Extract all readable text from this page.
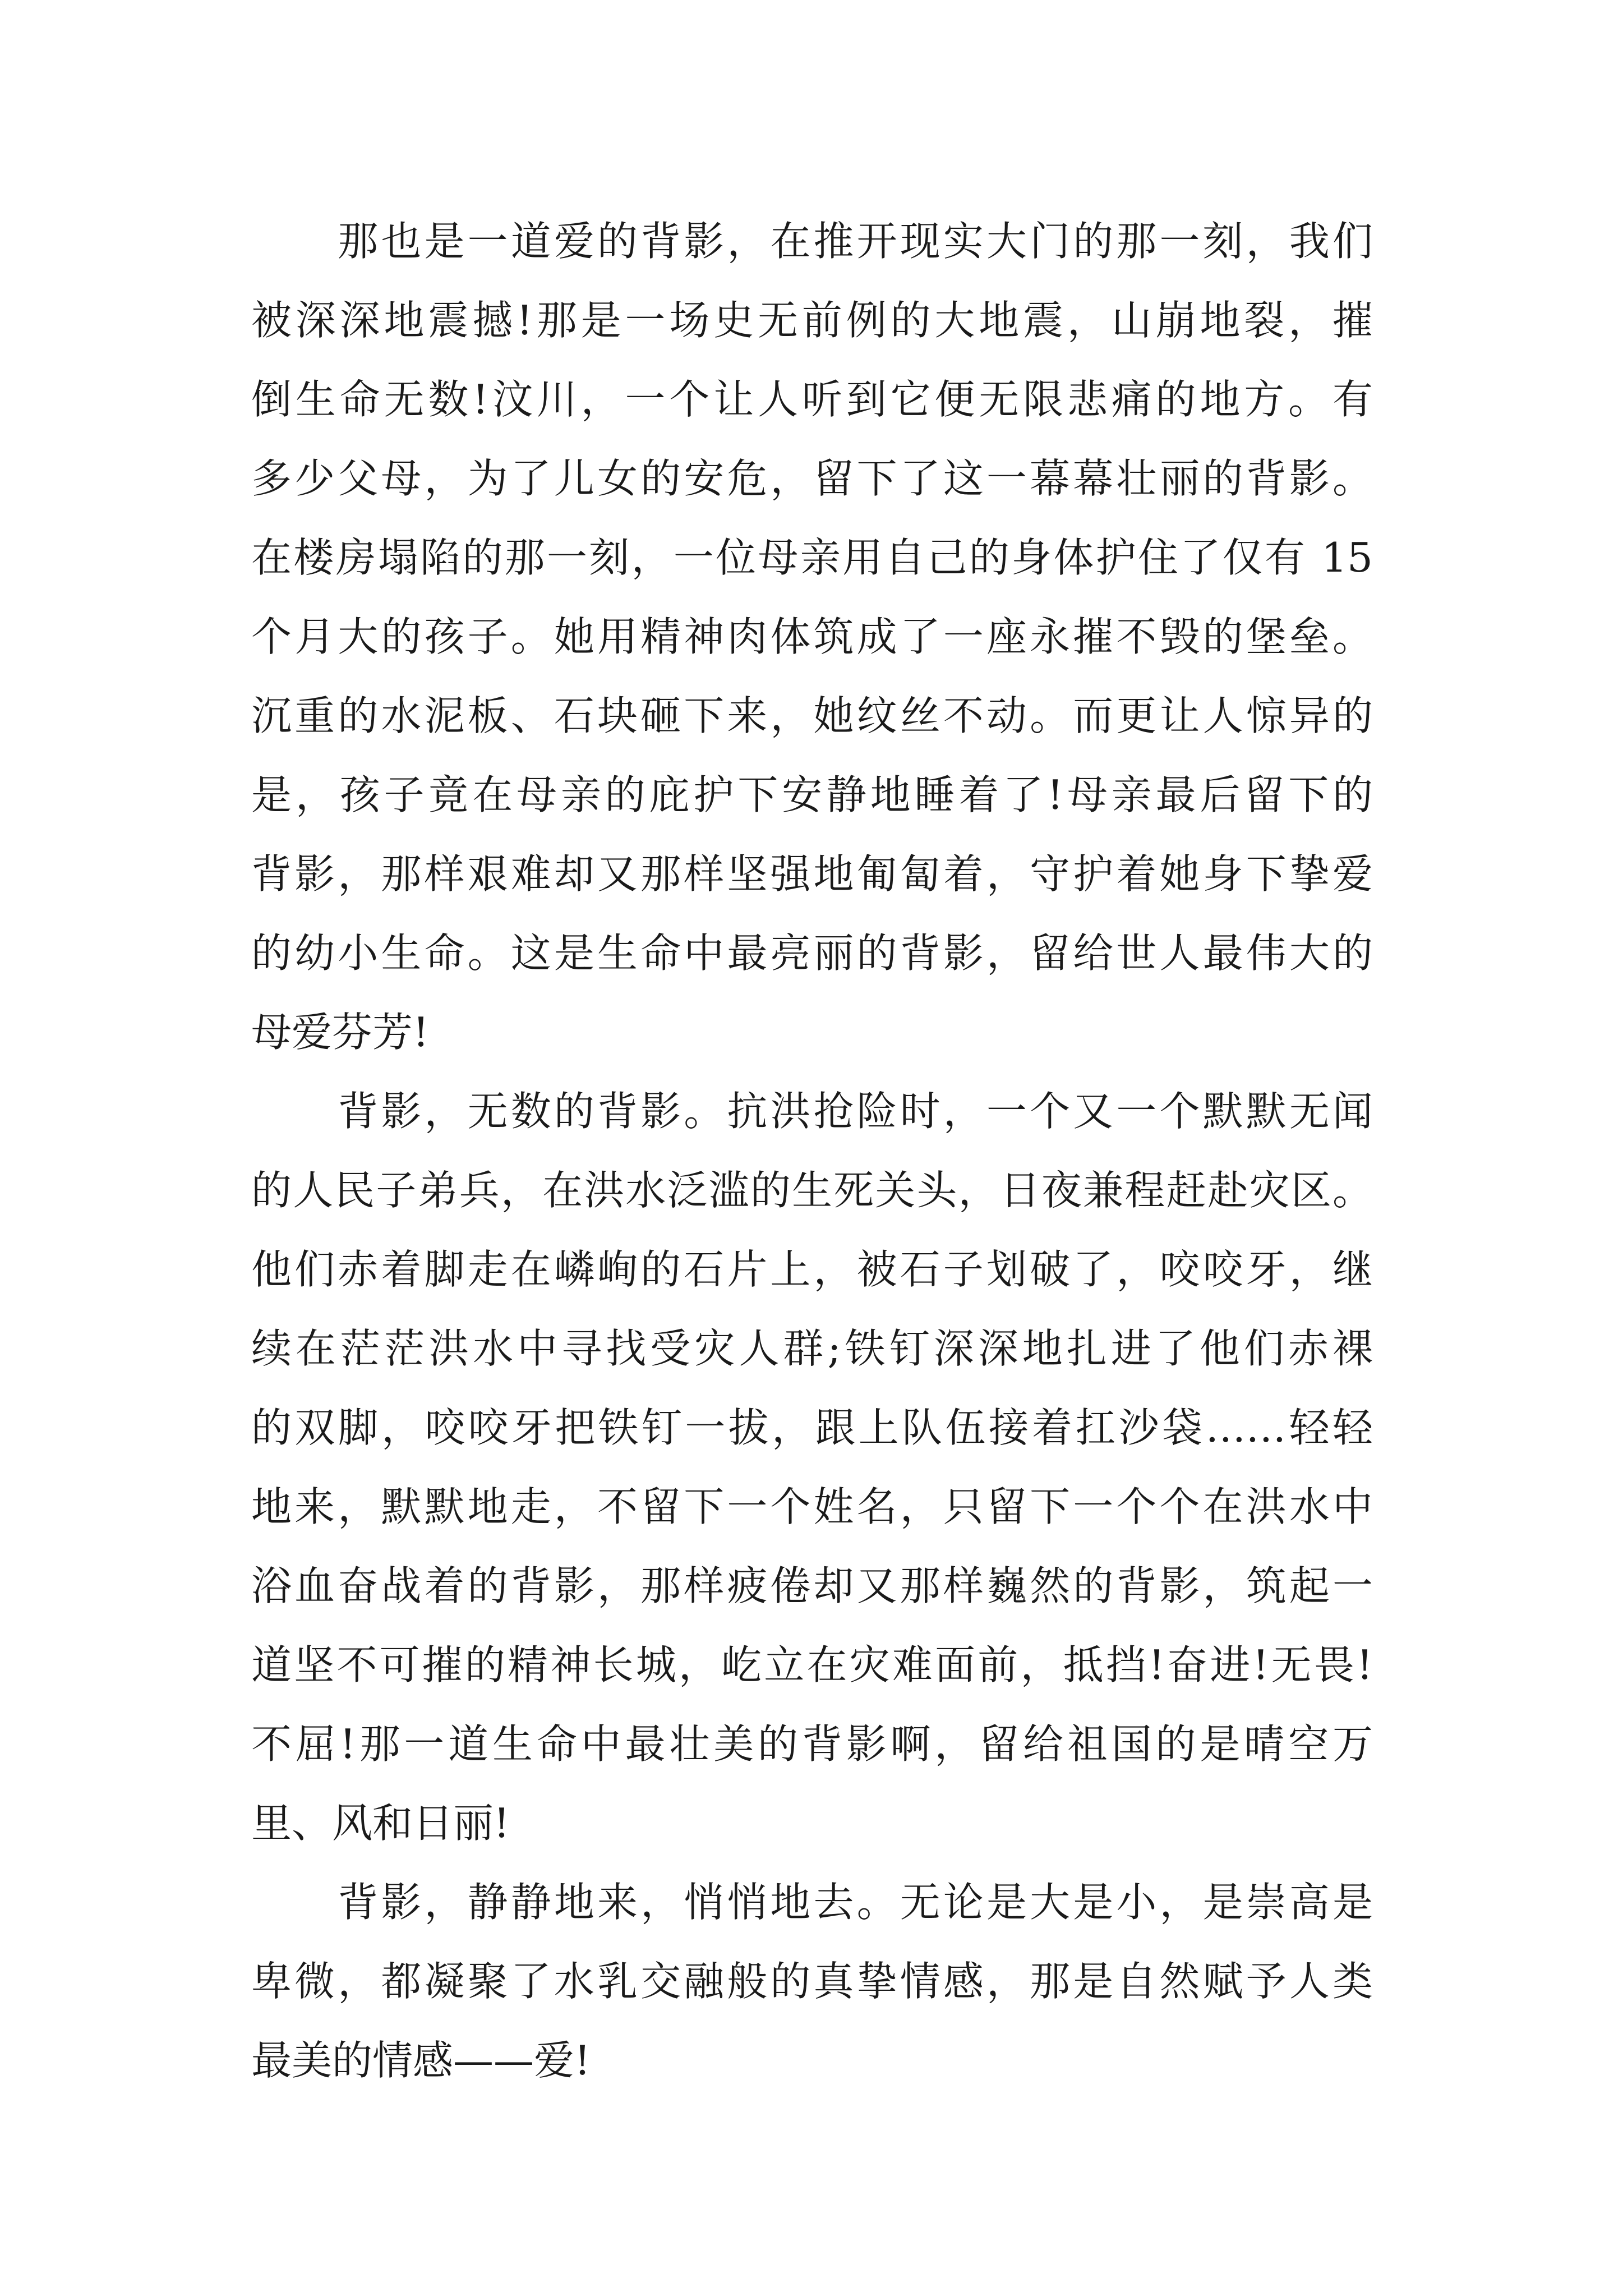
　　那也是一道爱的背影，在推开现实大门的那一刻，我们
被深深地震撼!那是一场史无前例的大地震，山崩地裂，摧
倒生命无数!汶川，一个让人听到它便无限悲痛的地方。有
多少父母，为了儿女的安危，留下了这一幕幕壮丽的背影。
在楼房塌陷的那一刻，一位母亲用自己的身体护住了仅有 15
个月大的孩子。她用精神肉体筑成了一座永摧不毁的堡垒。
沉重的水泥板、石块砸下来，她纹丝不动。而更让人惊异的
是，孩子竟在母亲的庇护下安静地睡着了!母亲最后留下的
背影，那样艰难却又那样坚强地匍匐着，守护着她身下挚爱
的幼小生命。这是生命中最亮丽的背影，留给世人最伟大的
母爱芬芳!
　　背影，无数的背影。抗洪抢险时，一个又一个默默无闻
的人民子弟兵，在洪水泛滥的生死关头，日夜兼程赶赴灾区。
他们赤着脚走在嶙峋的石片上，被石子划破了，咬咬牙，继
续在茫茫洪水中寻找受灾人群;铁钉深深地扎进了他们赤裸
的双脚，咬咬牙把铁钉一拔，跟上队伍接着扛沙袋……轻轻
地来，默默地走，不留下一个姓名，只留下一个个在洪水中
浴血奋战着的背影，那样疲倦却又那样巍然的背影，筑起一
道坚不可摧的精神长城，屹立在灾难面前，抵挡!奋进!无畏!
不屈!那一道生命中最壮美的背影啊，留给祖国的是晴空万
里、风和日丽!
　　背影，静静地来，悄悄地去。无论是大是小，是崇高是
卑微，都凝聚了水乳交融般的真挚情感，那是自然赋予人类
最美的情感——爱!
